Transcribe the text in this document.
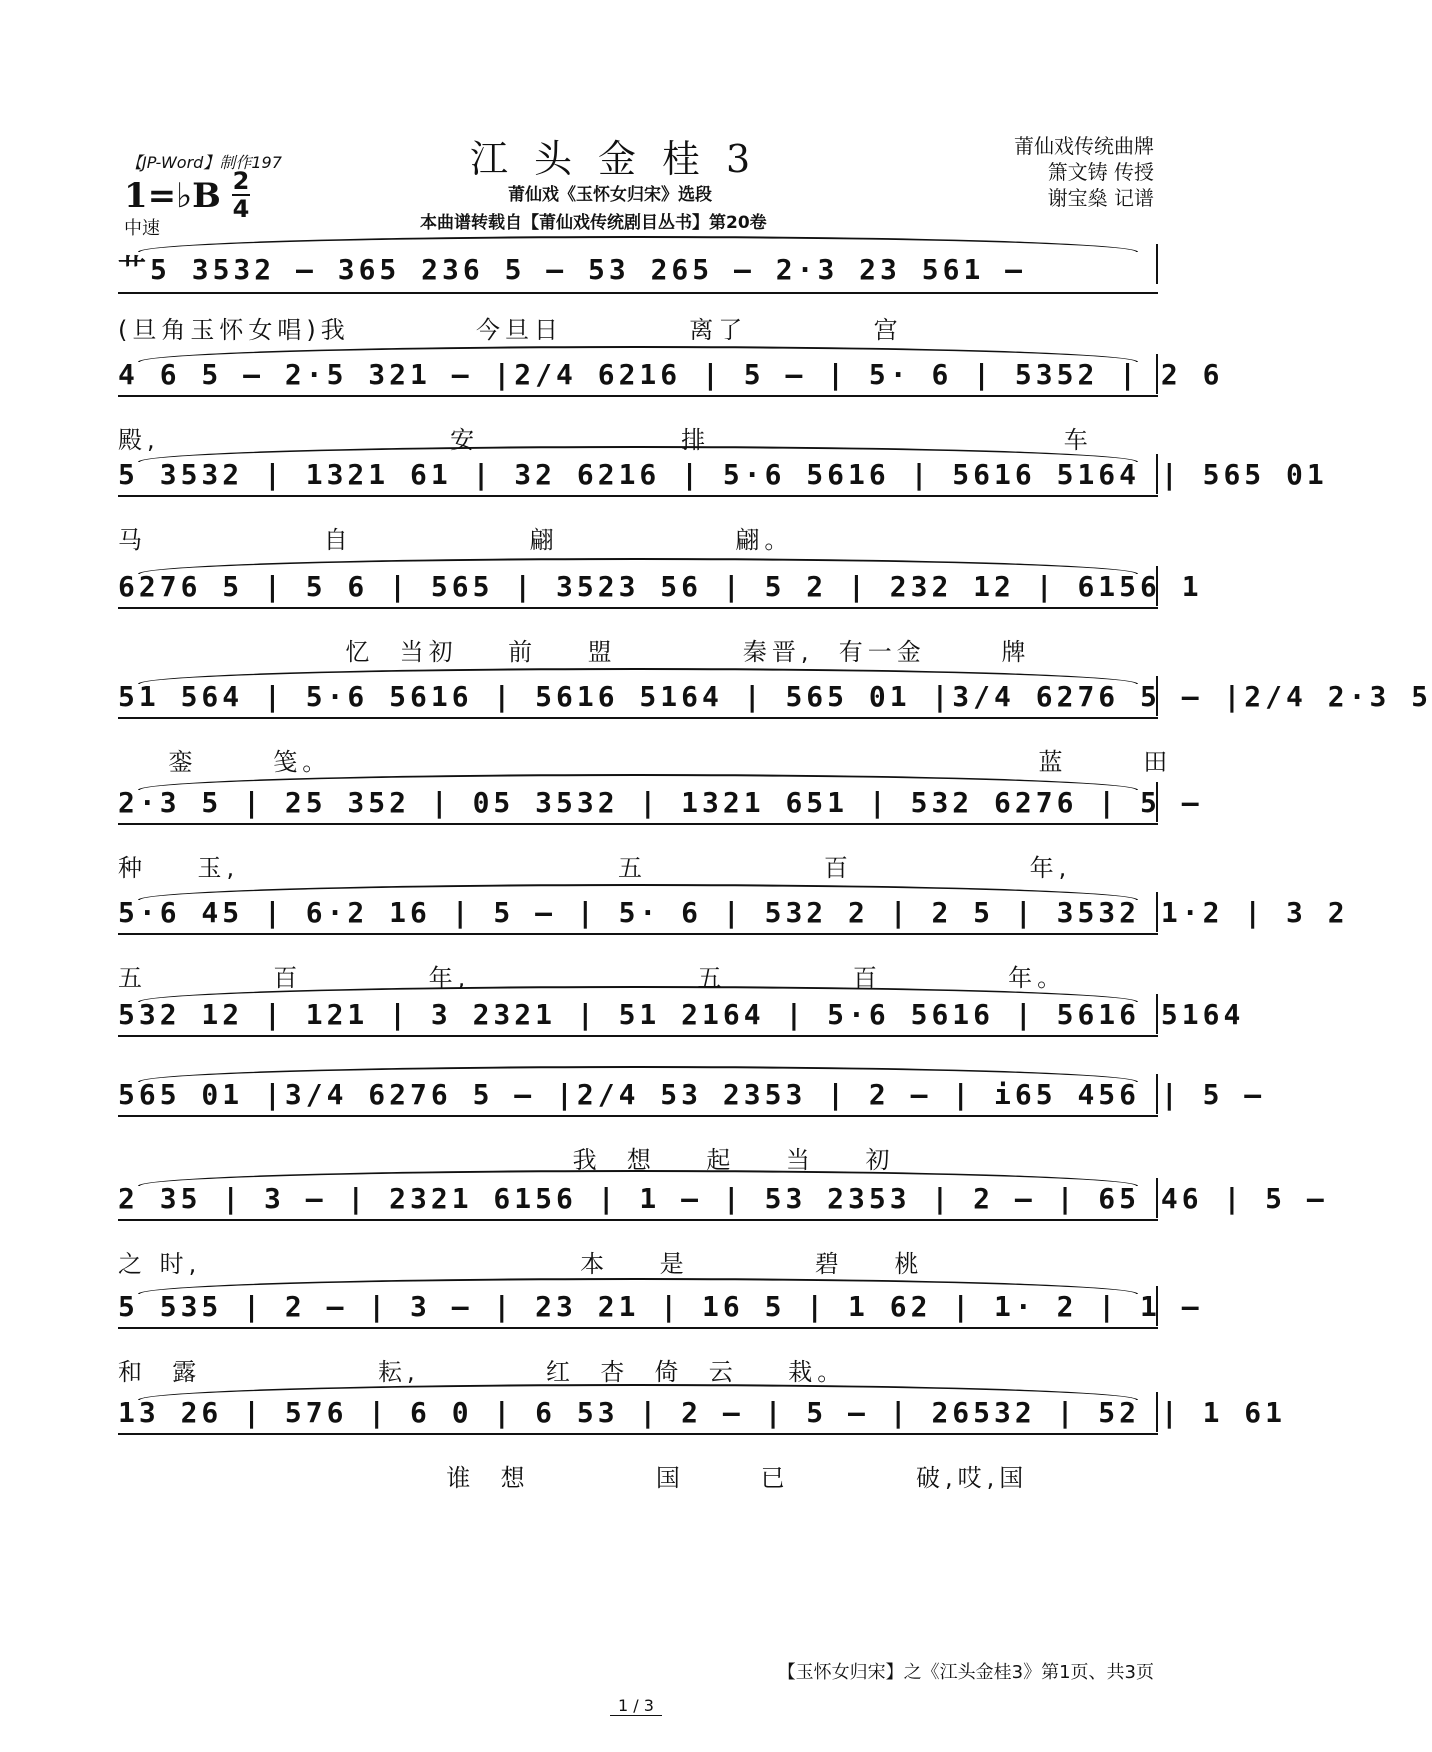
【JP-Word】制作197
1=♭B 2
4
中速
江头金桂3
莆仙戏《玉怀女归宋》选段
本曲谱转载自【莆仙戏传统剧目丛书】第20卷
莆仙戏传统曲牌
箫文铸 传授
谢宝燊 记谱
艹5 3532 – 365 236 5 – 53 265 – 2·3 23 561 –
(旦角玉怀女唱)我          今旦日          离了          宫
4 6 5 – 2·5 321 – |2/4 6216 | 5 – | 5· 6 | 5352 | 2 6
殿,                       安                排                            车
5 3532 | 1321 61 | 32 6216 | 5·6 5616 | 5616 5164 | 565 01
马              自              翩              翩。
6276 5 | 5 6 | 565 | 3523 56 | 5 2 | 232 12 | 6156 1
忆  当初    前    盟          秦晋,  有一金      牌
51 564 | 5·6 5616 | 5616 5164 | 565 01 |3/4 6276 5 – |2/4 2·3 5
銮      笺。                                                        蓝      田
2·3 5 | 25 352 | 05 3532 | 1321 651 | 532 6276 | 5 –
种    玉,                              五              百              年,
5·6 45 | 6·2 16 | 5 – | 5· 6 | 532 2 | 2 5 | 3532 1·2 | 3 2
五          百          年,                  五          百          年。
532 12 | 121 | 3 2321 | 51 2164 | 5·6 5616 | 5616 5164
565 01 |3/4 6276 5 – |2/4 53 2353 | 2 – | i65 456 | 5 –
我  想    起    当    初
2 35 | 3 – | 2321 6156 | 1 – | 53 2353 | 2 – | 65 46 | 5 –
之 时,                              本    是          碧    桃
5 535 | 2 – | 3 – | 23 21 | 16 5 | 1 62 | 1· 2 | 1 –
和  露              耘,          红  杏  倚  云    栽。
13 26 | 576 | 6 0 | 6 53 | 2 – | 5 – | 26532 | 52 | 1 61
谁  想          国      已          破,哎,国
【玉怀女归宋】之《江头金桂3》第1页、共3页
1 / 3
